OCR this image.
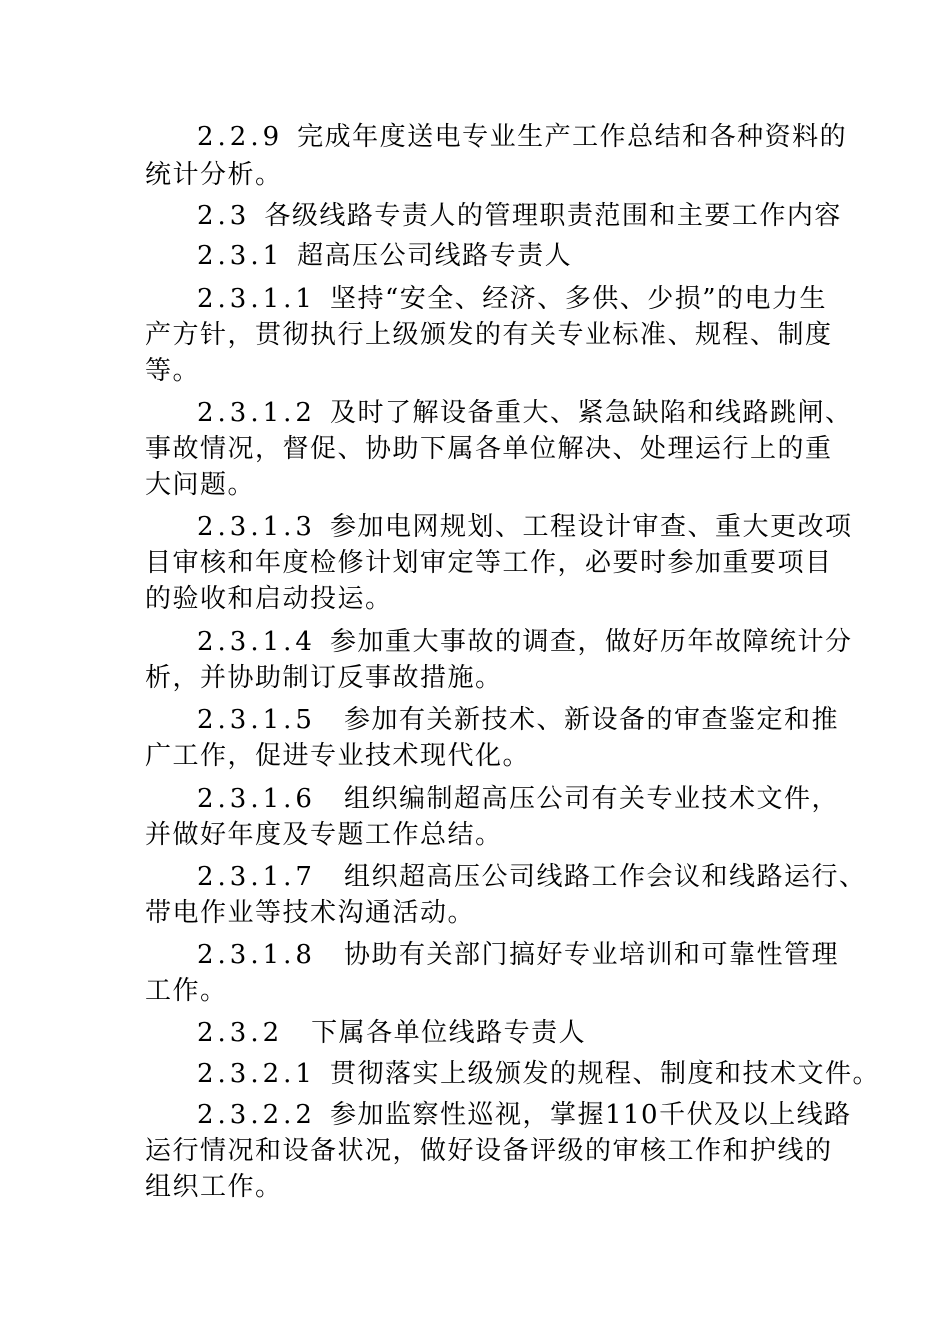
2.2.9 完成年度送电专业生产工作总结和各种资料的
统计分析。
2.3 各级线路专责人的管理职责范围和主要工作内容
2.3.1 超高压公司线路专责人
2.3.1.1 坚持“安全、经济、多供、少损”的电力生
产方针，贯彻执行上级颁发的有关专业标准、规程、制度
等。
2.3.1.2 及时了解设备重大、紧急缺陷和线路跳闸、
事故情况，督促、协助下属各单位解决、处理运行上的重
大问题。
2.3.1.3 参加电网规划、工程设计审查、重大更改项
目审核和年度检修计划审定等工作，必要时参加重要项目
的验收和启动投运。
2.3.1.4 参加重大事故的调查，做好历年故障统计分
析，并协助制订反事故措施。
2.3.1.5 参加有关新技术、新设备的审查鉴定和推
广工作，促进专业技术现代化。
2.3.1.6 组织编制超高压公司有关专业技术文件，
并做好年度及专题工作总结。
2.3.1.7 组织超高压公司线路工作会议和线路运行、
带电作业等技术沟通活动。
2.3.1.8 协助有关部门搞好专业培训和可靠性管理
工作。
2.3.2 下属各单位线路专责人
2.3.2.1 贯彻落实上级颁发的规程、制度和技术文件。
2.3.2.2 参加监察性巡视，掌握110千伏及以上线路
运行情况和设备状况，做好设备评级的审核工作和护线的
组织工作。
